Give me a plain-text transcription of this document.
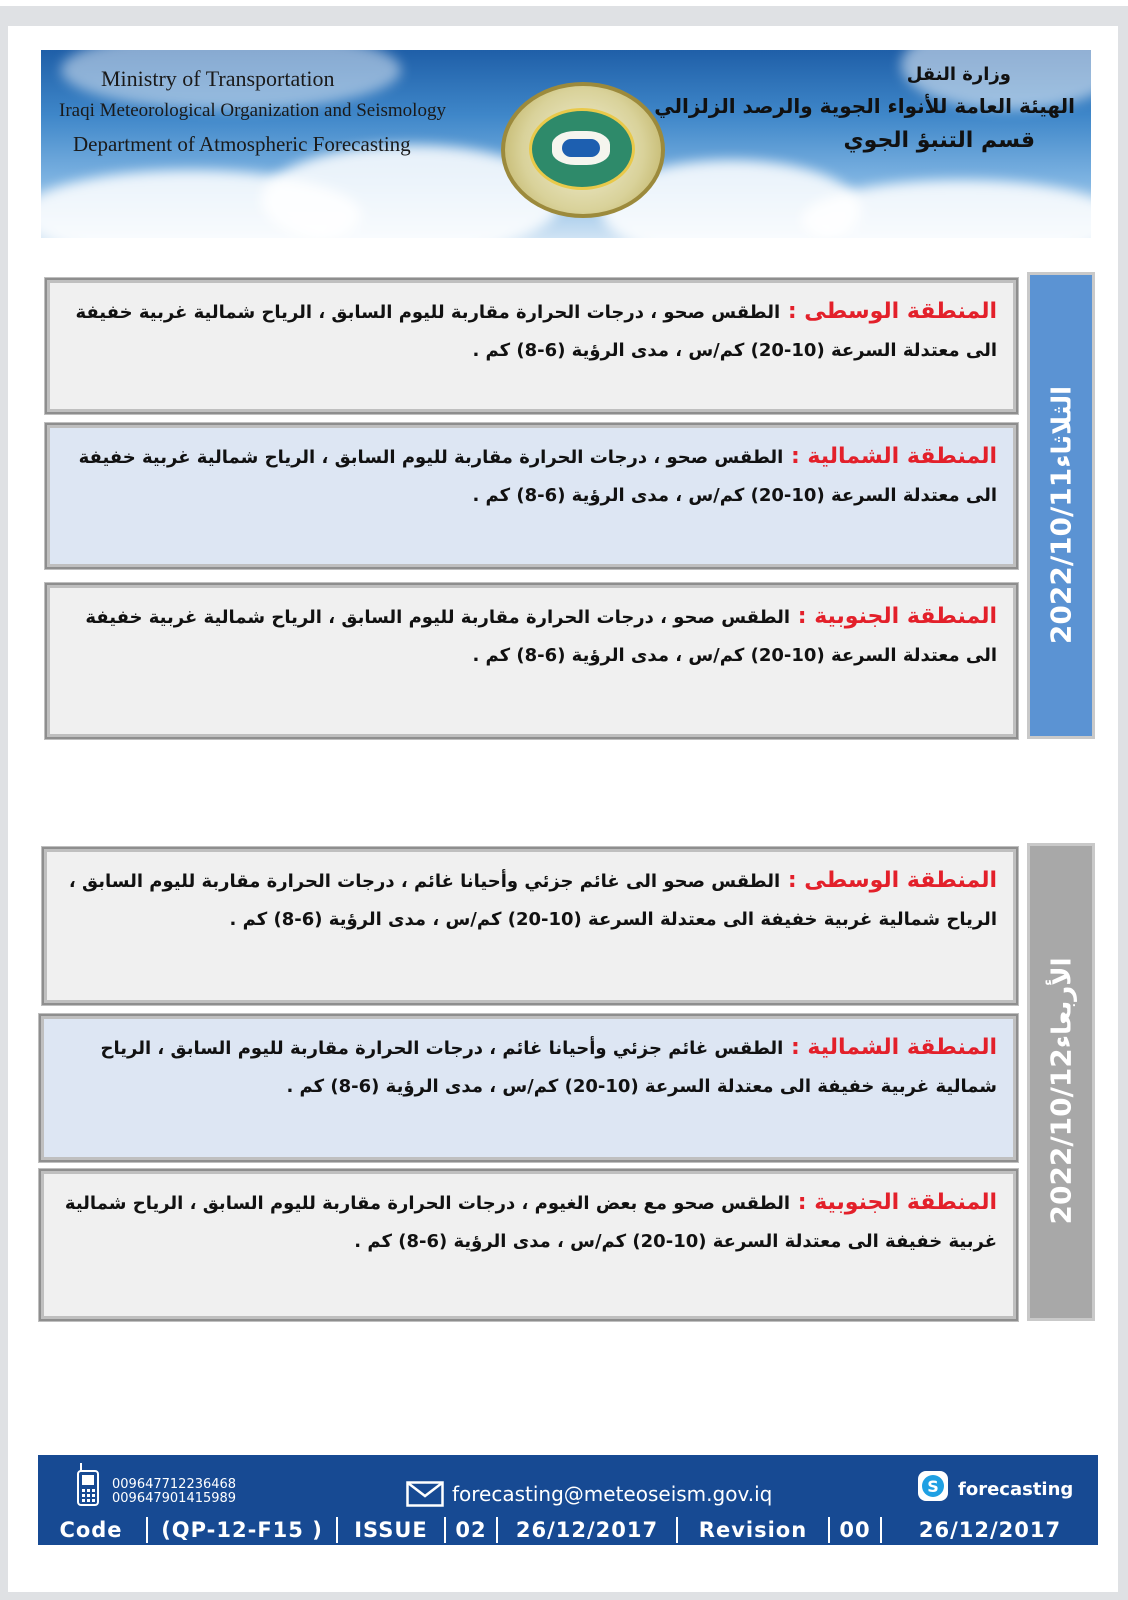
Ministry of Transportation
Iraqi Meteorological Organization and Seismology
Department of Atmospheric Forecasting
وزارة النقل
الهيئة العامة للأنواء الجوية والرصد الزلزالي
قسم التنبؤ الجوي
الثلاثاء2022/10/11
المنطقة الوسطى : الطقس صحو ، درجات الحرارة مقاربة لليوم السابق ، الرياح شمالية غربية خفيفة الى معتدلة السرعة (10-20) كم/س ، مدى الرؤية (6-8) كم .
المنطقة الشمالية : الطقس صحو ، درجات الحرارة مقاربة لليوم السابق ، الرياح شمالية غربية خفيفة الى معتدلة السرعة (10-20) كم/س ، مدى الرؤية (6-8) كم .
المنطقة الجنوبية : الطقس صحو ، درجات الحرارة مقاربة لليوم السابق ، الرياح شمالية غربية خفيفة الى معتدلة السرعة (10-20) كم/س ، مدى الرؤية (6-8) كم .
الأربعاء2022/10/12
المنطقة الوسطى : الطقس صحو الى غائم جزئي وأحيانا غائم ، درجات الحرارة مقاربة لليوم السابق ، الرياح شمالية غربية خفيفة الى معتدلة السرعة (10-20) كم/س ، مدى الرؤية (6-8) كم .
المنطقة الشمالية : الطقس غائم جزئي وأحيانا غائم ، درجات الحرارة مقاربة لليوم السابق ، الرياح شمالية غربية خفيفة الى معتدلة السرعة (10-20) كم/س ، مدى الرؤية (6-8) كم .
المنطقة الجنوبية : الطقس صحو مع بعض الغيوم ، درجات الحرارة مقاربة لليوم السابق ، الرياح شمالية غربية خفيفة الى معتدلة السرعة (10-20) كم/س ، مدى الرؤية (6-8) كم .
009647712236468
009647901415989	forecasting@meteoseism.gov.iq	S forecasting
Code	(QP-12-F15 )	ISSUE	02	26/12/2017	Revision	00	26/12/2017
